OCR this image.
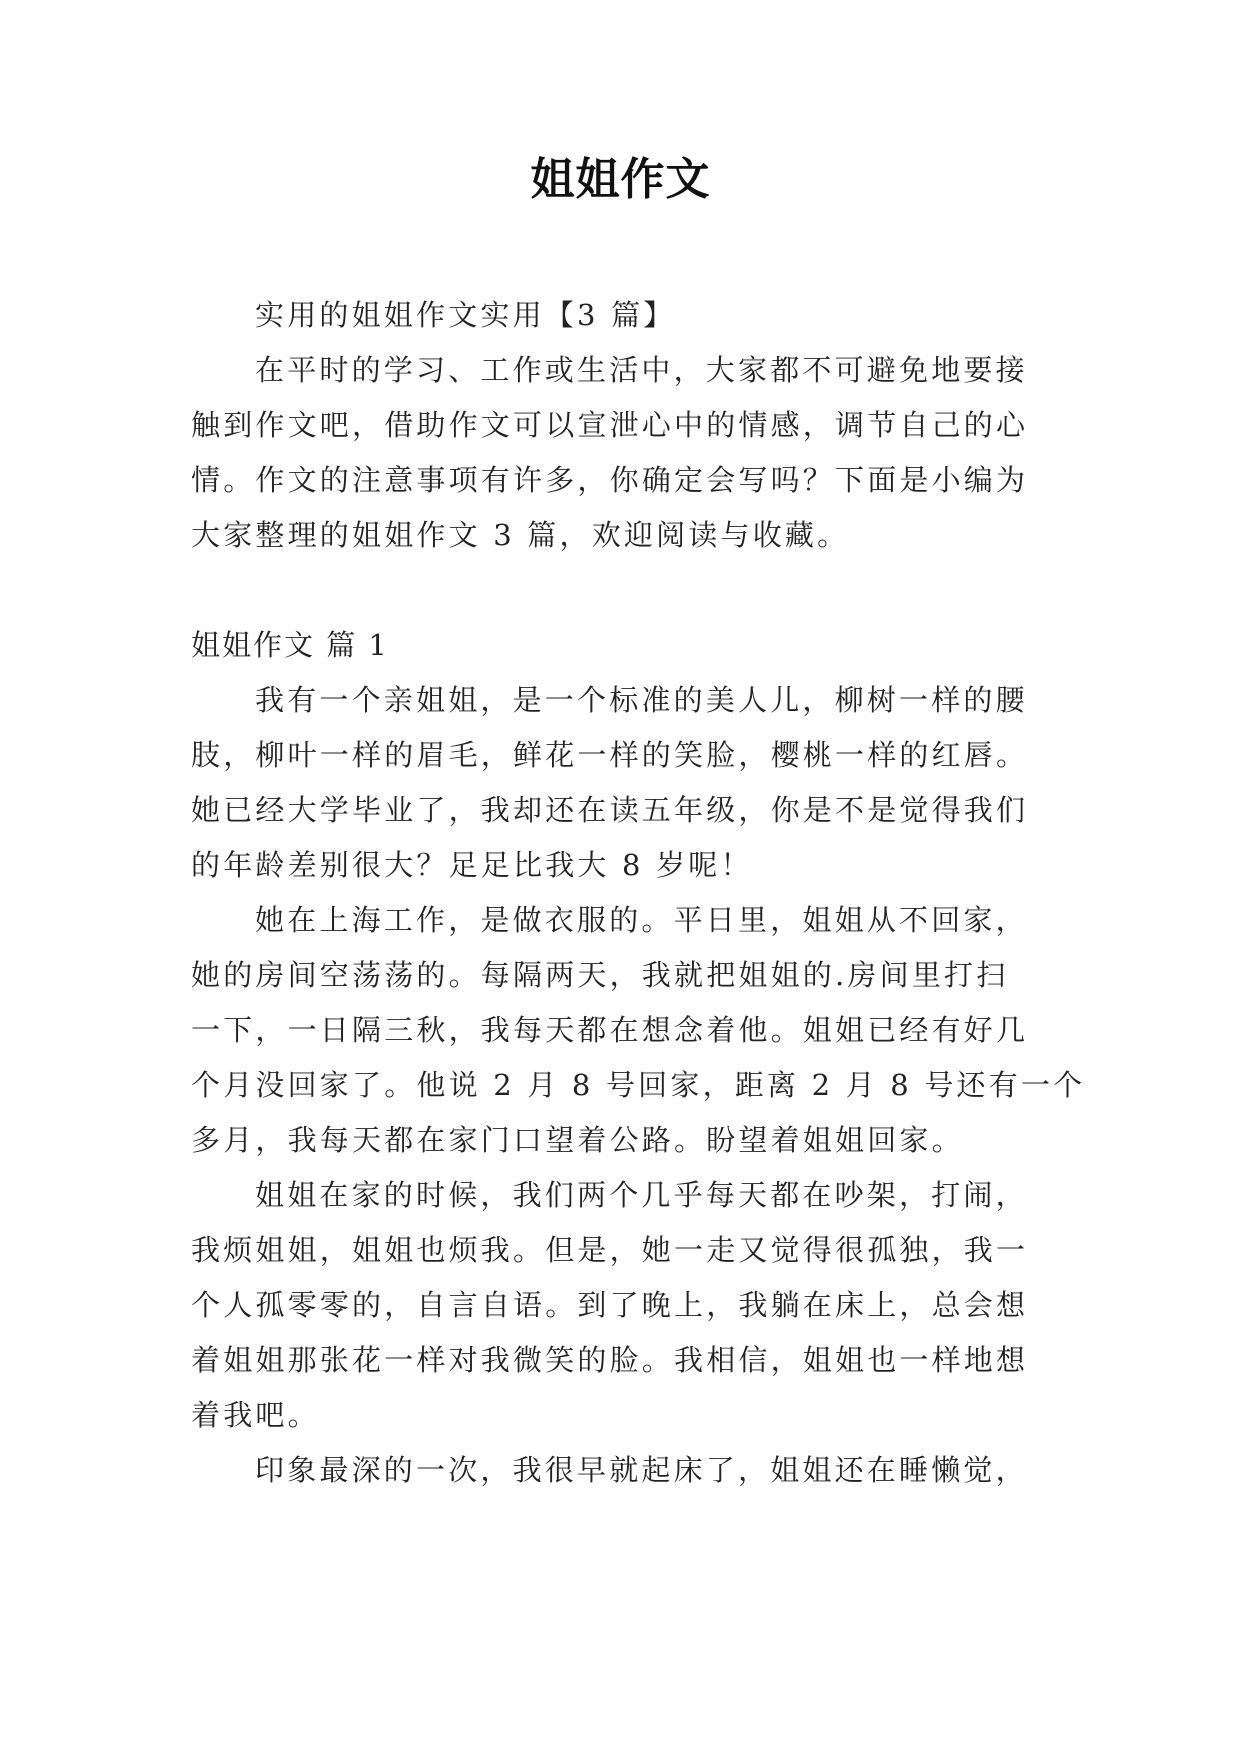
姐姐作文
实用的姐姐作文实用【3 篇】
在平时的学习、工作或生活中，大家都不可避免地要接
触到作文吧，借助作文可以宣泄心中的情感，调节自己的心
情。作文的注意事项有许多，你确定会写吗？下面是小编为
大家整理的姐姐作文 3 篇，欢迎阅读与收藏。
姐姐作文 篇 1
我有一个亲姐姐，是一个标准的美人儿，柳树一样的腰
肢，柳叶一样的眉毛，鲜花一样的笑脸，樱桃一样的红唇。
她已经大学毕业了，我却还在读五年级，你是不是觉得我们
的年龄差别很大？足足比我大 8 岁呢！
她在上海工作，是做衣服的。平日里，姐姐从不回家，
她的房间空荡荡的。每隔两天，我就把姐姐的.房间里打扫
一下，一日隔三秋，我每天都在想念着他。姐姐已经有好几
个月没回家了。他说 2 月 8 号回家，距离 2 月 8 号还有一个
多月，我每天都在家门口望着公路。盼望着姐姐回家。
姐姐在家的时候，我们两个几乎每天都在吵架，打闹，
我烦姐姐，姐姐也烦我。但是，她一走又觉得很孤独，我一
个人孤零零的，自言自语。到了晚上，我躺在床上，总会想
着姐姐那张花一样对我微笑的脸。我相信，姐姐也一样地想
着我吧。
印象最深的一次，我很早就起床了，姐姐还在睡懒觉，
